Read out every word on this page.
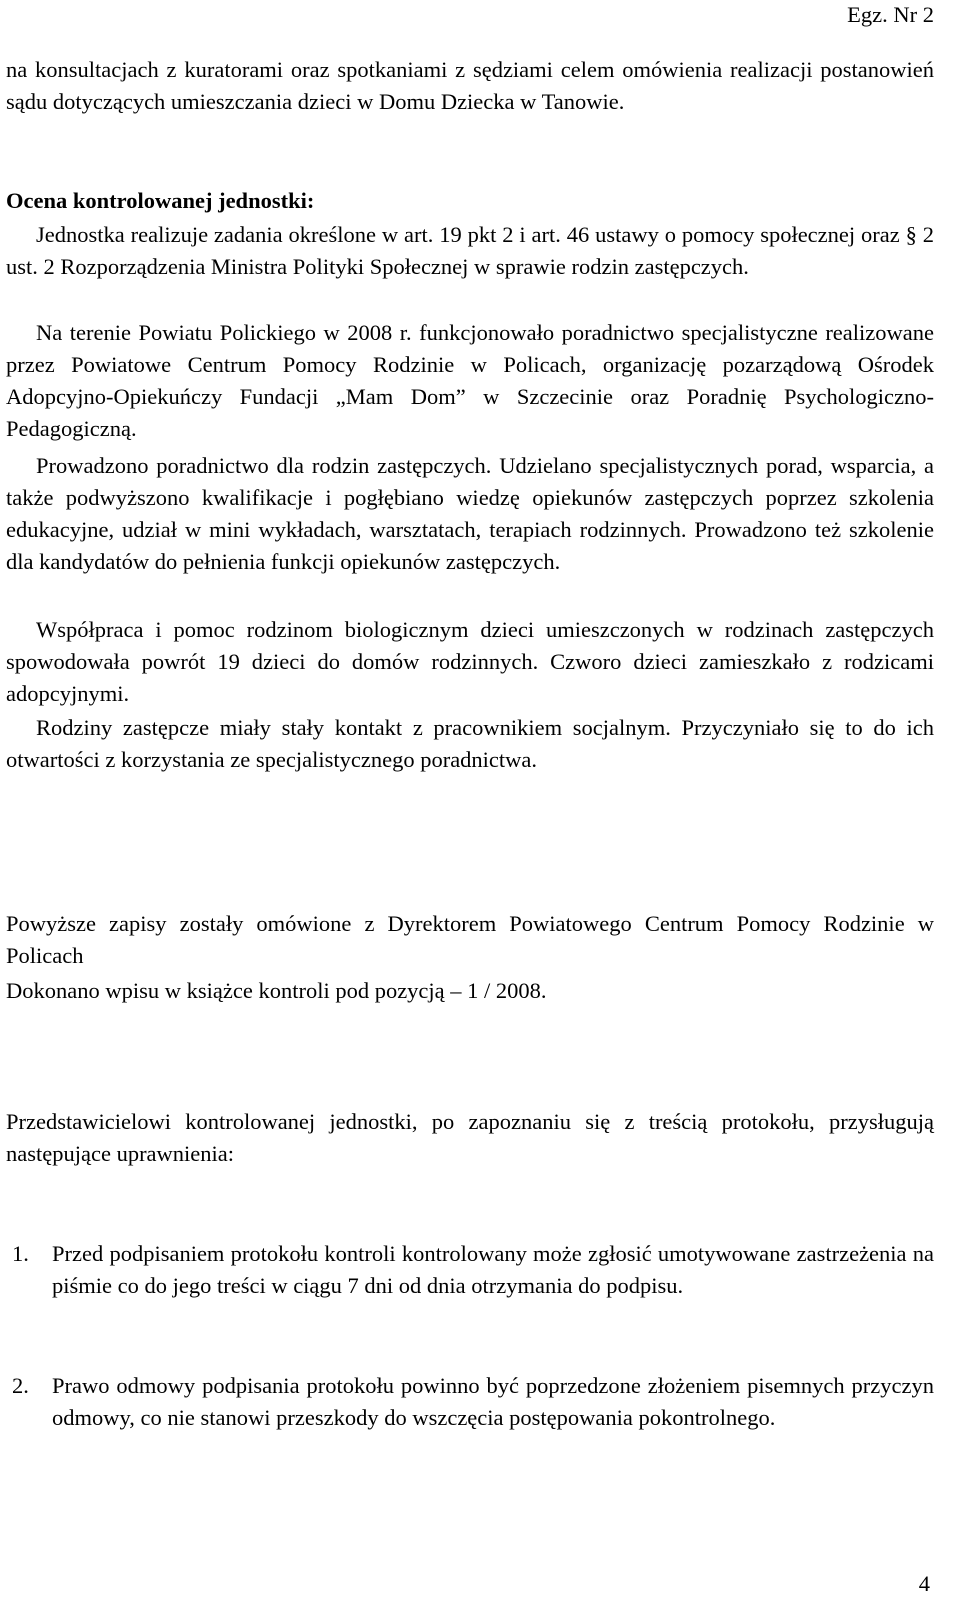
Egz. Nr 2
na konsultacjach z kuratorami oraz spotkaniami z sędziami celem omówienia realizacji postanowień sądu dotyczących umieszczania dzieci w Domu Dziecka w Tanowie.
Ocena kontrolowanej jednostki:
Jednostka realizuje zadania określone w art. 19 pkt 2 i art. 46 ustawy o pomocy społecznej oraz § 2 ust. 2 Rozporządzenia Ministra Polityki Społecznej w sprawie rodzin zastępczych.
Na terenie Powiatu Polickiego w 2008 r. funkcjonowało poradnictwo specjalistyczne realizowane przez Powiatowe Centrum Pomocy Rodzinie w Policach, organizację pozarządową Ośrodek Adopcyjno-Opiekuńczy Fundacji „Mam Dom” w Szczecinie oraz Poradnię Psychologiczno-Pedagogiczną.
Prowadzono poradnictwo dla rodzin zastępczych. Udzielano specjalistycznych porad, wsparcia, a także podwyższono kwalifikacje i pogłębiano wiedzę opiekunów zastępczych poprzez szkolenia edukacyjne, udział w mini wykładach, warsztatach, terapiach rodzinnych. Prowadzono też szkolenie dla kandydatów do pełnienia funkcji opiekunów zastępczych.
Współpraca i pomoc rodzinom biologicznym dzieci umieszczonych w rodzinach zastępczych spowodowała powrót 19 dzieci do domów rodzinnych. Czworo dzieci zamieszkało z rodzicami adopcyjnymi.
Rodziny zastępcze miały stały kontakt z pracownikiem socjalnym. Przyczyniało się to do ich otwartości z korzystania ze specjalistycznego poradnictwa.
Powyższe zapisy zostały omówione z Dyrektorem Powiatowego Centrum Pomocy Rodzinie w Policach
Dokonano wpisu w książce kontroli pod pozycją – 1 / 2008.
Przedstawicielowi kontrolowanej jednostki, po zapoznaniu się z treścią protokołu, przysługują następujące uprawnienia:
1. Przed podpisaniem protokołu kontroli kontrolowany może zgłosić umotywowane zastrzeżenia na piśmie co do jego treści w ciągu 7 dni od dnia otrzymania do podpisu.
2. Prawo odmowy podpisania protokołu powinno być poprzedzone złożeniem pisemnych przyczyn odmowy, co nie stanowi przeszkody do wszczęcia postępowania pokontrolnego.
4
